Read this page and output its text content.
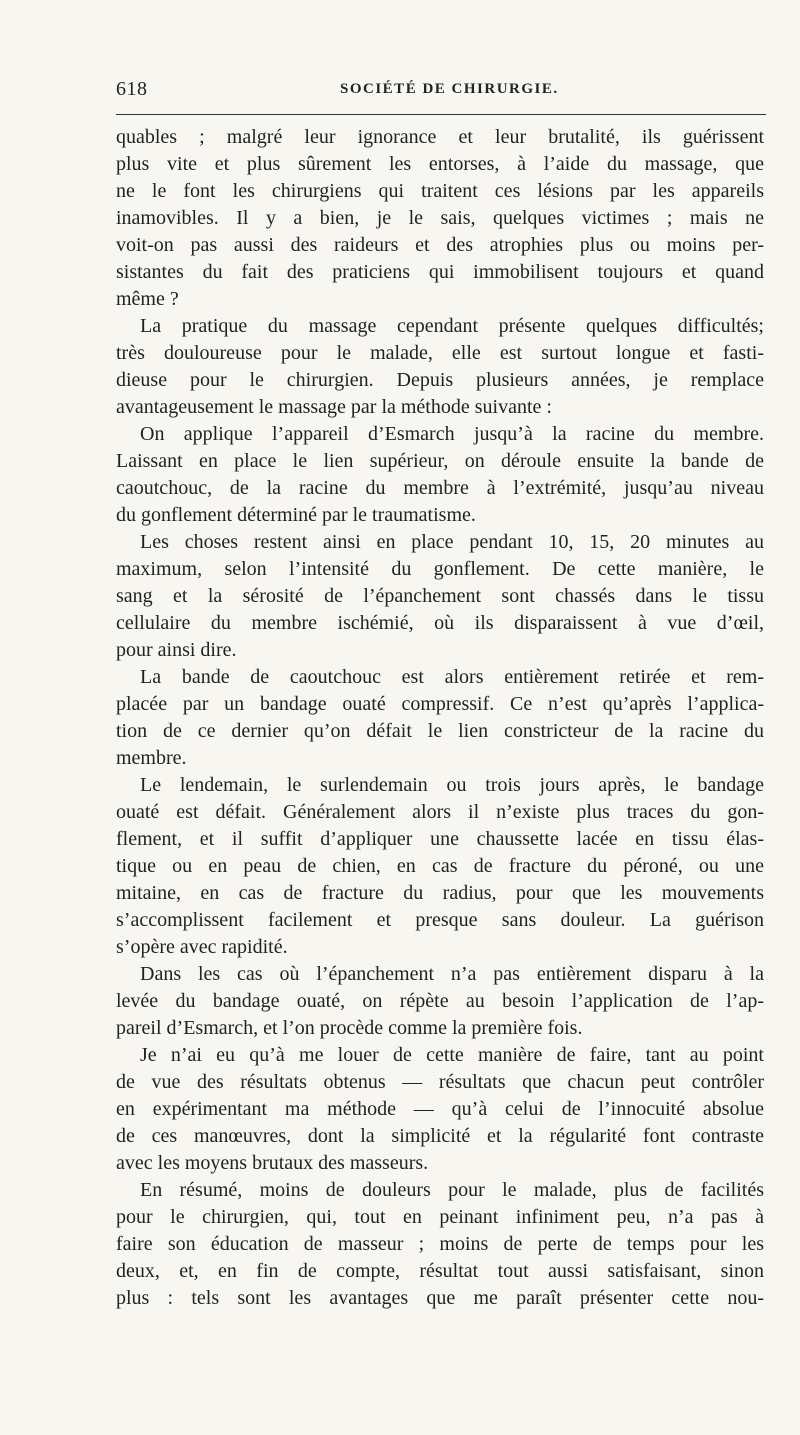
618	SOCIÉTÉ DE CHIRURGIE.
quables ; malgré leur ignorance et leur brutalité, ils guérissent
plus vite et plus sûrement les entorses, à l’aide du massage, que
ne le font les chirurgiens qui traitent ces lésions par les appareils
inamovibles. Il y a bien, je le sais, quelques victimes ; mais ne
voit-on pas aussi des raideurs et des atrophies plus ou moins per-
sistantes du fait des praticiens qui immobilisent toujours et quand
même ?
La pratique du massage cependant présente quelques difficultés;
très douloureuse pour le malade, elle est surtout longue et fasti-
dieuse pour le chirurgien. Depuis plusieurs années, je remplace
avantageusement le massage par la méthode suivante :
On applique l’appareil d’Esmarch jusqu’à la racine du membre.
Laissant en place le lien supérieur, on déroule ensuite la bande de
caoutchouc, de la racine du membre à l’extrémité, jusqu’au niveau
du gonflement déterminé par le traumatisme.
Les choses restent ainsi en place pendant 10, 15, 20 minutes au
maximum, selon l’intensité du gonflement. De cette manière, le
sang et la sérosité de l’épanchement sont chassés dans le tissu
cellulaire du membre ischémié, où ils disparaissent à vue d’œil,
pour ainsi dire.
La bande de caoutchouc est alors entièrement retirée et rem-
placée par un bandage ouaté compressif. Ce n’est qu’après l’applica-
tion de ce dernier qu’on défait le lien constricteur de la racine du
membre.
Le lendemain, le surlendemain ou trois jours après, le bandage
ouaté est défait. Généralement alors il n’existe plus traces du gon-
flement, et il suffit d’appliquer une chaussette lacée en tissu élas-
tique ou en peau de chien, en cas de fracture du péroné, ou une
mitaine, en cas de fracture du radius, pour que les mouvements
s’accomplissent facilement et presque sans douleur. La guérison
s’opère avec rapidité.
Dans les cas où l’épanchement n’a pas entièrement disparu à la
levée du bandage ouaté, on répète au besoin l’application de l’ap-
pareil d’Esmarch, et l’on procède comme la première fois.
Je n’ai eu qu’à me louer de cette manière de faire, tant au point
de vue des résultats obtenus — résultats que chacun peut contrôler
en expérimentant ma méthode — qu’à celui de l’innocuité absolue
de ces manœuvres, dont la simplicité et la régularité font contraste
avec les moyens brutaux des masseurs.
En résumé, moins de douleurs pour le malade, plus de facilités
pour le chirurgien, qui, tout en peinant infiniment peu, n’a pas à
faire son éducation de masseur ; moins de perte de temps pour les
deux, et, en fin de compte, résultat tout aussi satisfaisant, sinon
plus : tels sont les avantages que me paraît présenter cette nou-
